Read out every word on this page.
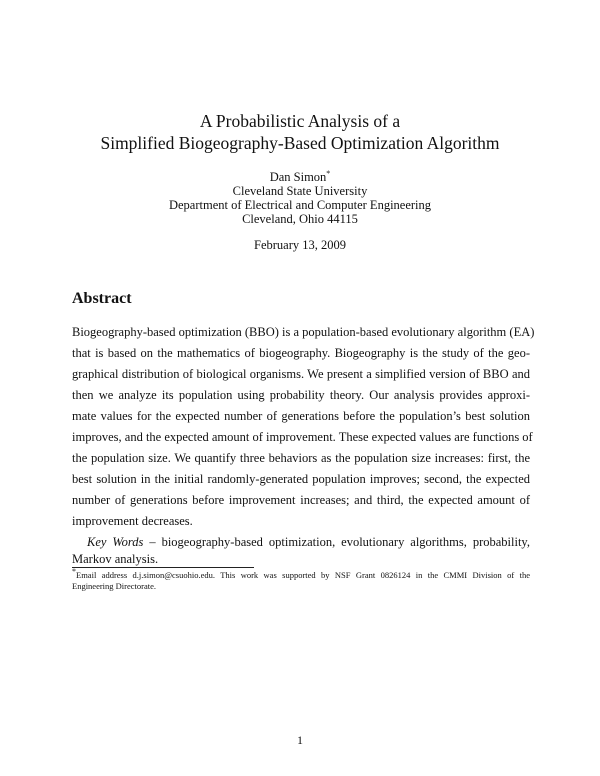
A Probabilistic Analysis of a
Simplified Biogeography-Based Optimization Algorithm
Dan Simon*
Cleveland State University
Department of Electrical and Computer Engineering
Cleveland, Ohio 44115
February 13, 2009
Abstract
Biogeography-based optimization (BBO) is a population-based evolutionary algorithm (EA)
that is based on the mathematics of biogeography. Biogeography is the study of the geo-
graphical distribution of biological organisms. We present a simplified version of BBO and
then we analyze its population using probability theory. Our analysis provides approxi-
mate values for the expected number of generations before the population’s best solution
improves, and the expected amount of improvement. These expected values are functions of
the population size. We quantify three behaviors as the population size increases: first, the
best solution in the initial randomly-generated population improves; second, the expected
number of generations before improvement increases; and third, the expected amount of
improvement decreases.
Key Words – biogeography-based optimization, evolutionary algorithms, probability,
Markov analysis.
*Email address d.j.simon@csuohio.edu. This work was supported by NSF Grant 0826124 in the CMMI Division of the
Engineering Directorate.
1
